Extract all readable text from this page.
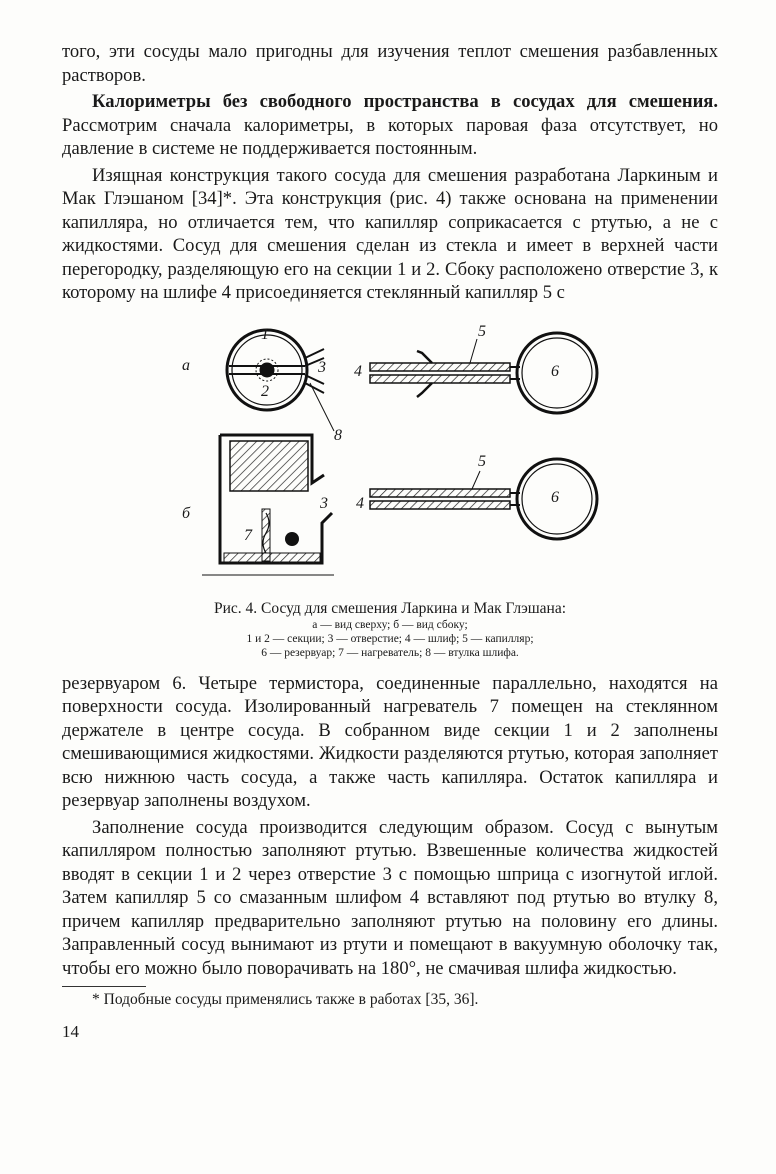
того, эти сосуды мало пригодны для изучения теплот смешения разбавленных растворов.

Калориметры без свободного пространства в сосудах для смешения. Рассмотрим сначала калориметры, в которых паровая фаза отсутствует, но давление в системе не поддерживается постоянным.

Изящная конструкция такого сосуда для смешения разработана Ларкиным и Мак Глэшаном [34]*. Эта конструкция (рис. 4) также основана на применении капилляра, но отличается тем, что капилляр соприкасается с ртутью, а не с жидкостями. Сосуд для смешения сделан из стекла и имеет в верхней части перегородку, разделяющую его на секции 1 и 2. Сбоку расположено отверстие 3, к которому на шлифе 4 присоединяется стеклянный капилляр 5 с

а
1
2
3 4
5
6
8
5
б
3 4	6
7

Рис. 4. Сосуд для смешения Ларкина и Мак Глэшана:

а — вид сверху; б — вид сбоку;

1 и 2 — секции; 3 — отверстие; 4 — шлиф; 5 — капилляр;

6 — резервуар; 7 — нагреватель; 8 — втулка шлифа.

резервуаром 6. Четыре термистора, соединенные параллельно, находятся на поверхности сосуда. Изолированный нагреватель 7 помещен на стеклянном держателе в центре сосуда. В собранном виде секции 1 и 2 заполнены смешивающимися жидкостями. Жидкости разделяются ртутью, которая заполняет всю нижнюю часть сосуда, а также часть капилляра. Остаток капилляра и резервуар заполнены воздухом.

Заполнение сосуда производится следующим образом. Сосуд с вынутым капилляром полностью заполняют ртутью. Взвешенные количества жидкостей вводят в секции 1 и 2 через отверстие 3 с помощью шприца с изогнутой иглой. Затем капилляр 5 со смазанным шлифом 4 вставляют под ртутью во втулку 8, причем капилляр предварительно заполняют ртутью на половину его длины. Заправленный сосуд вынимают из ртути и помещают в вакуумную оболочку так, чтобы его можно было поворачивать на 180°, не смачивая шлифа жидкостью.

* Подобные сосуды применялись также в работах [35, 36].

14
